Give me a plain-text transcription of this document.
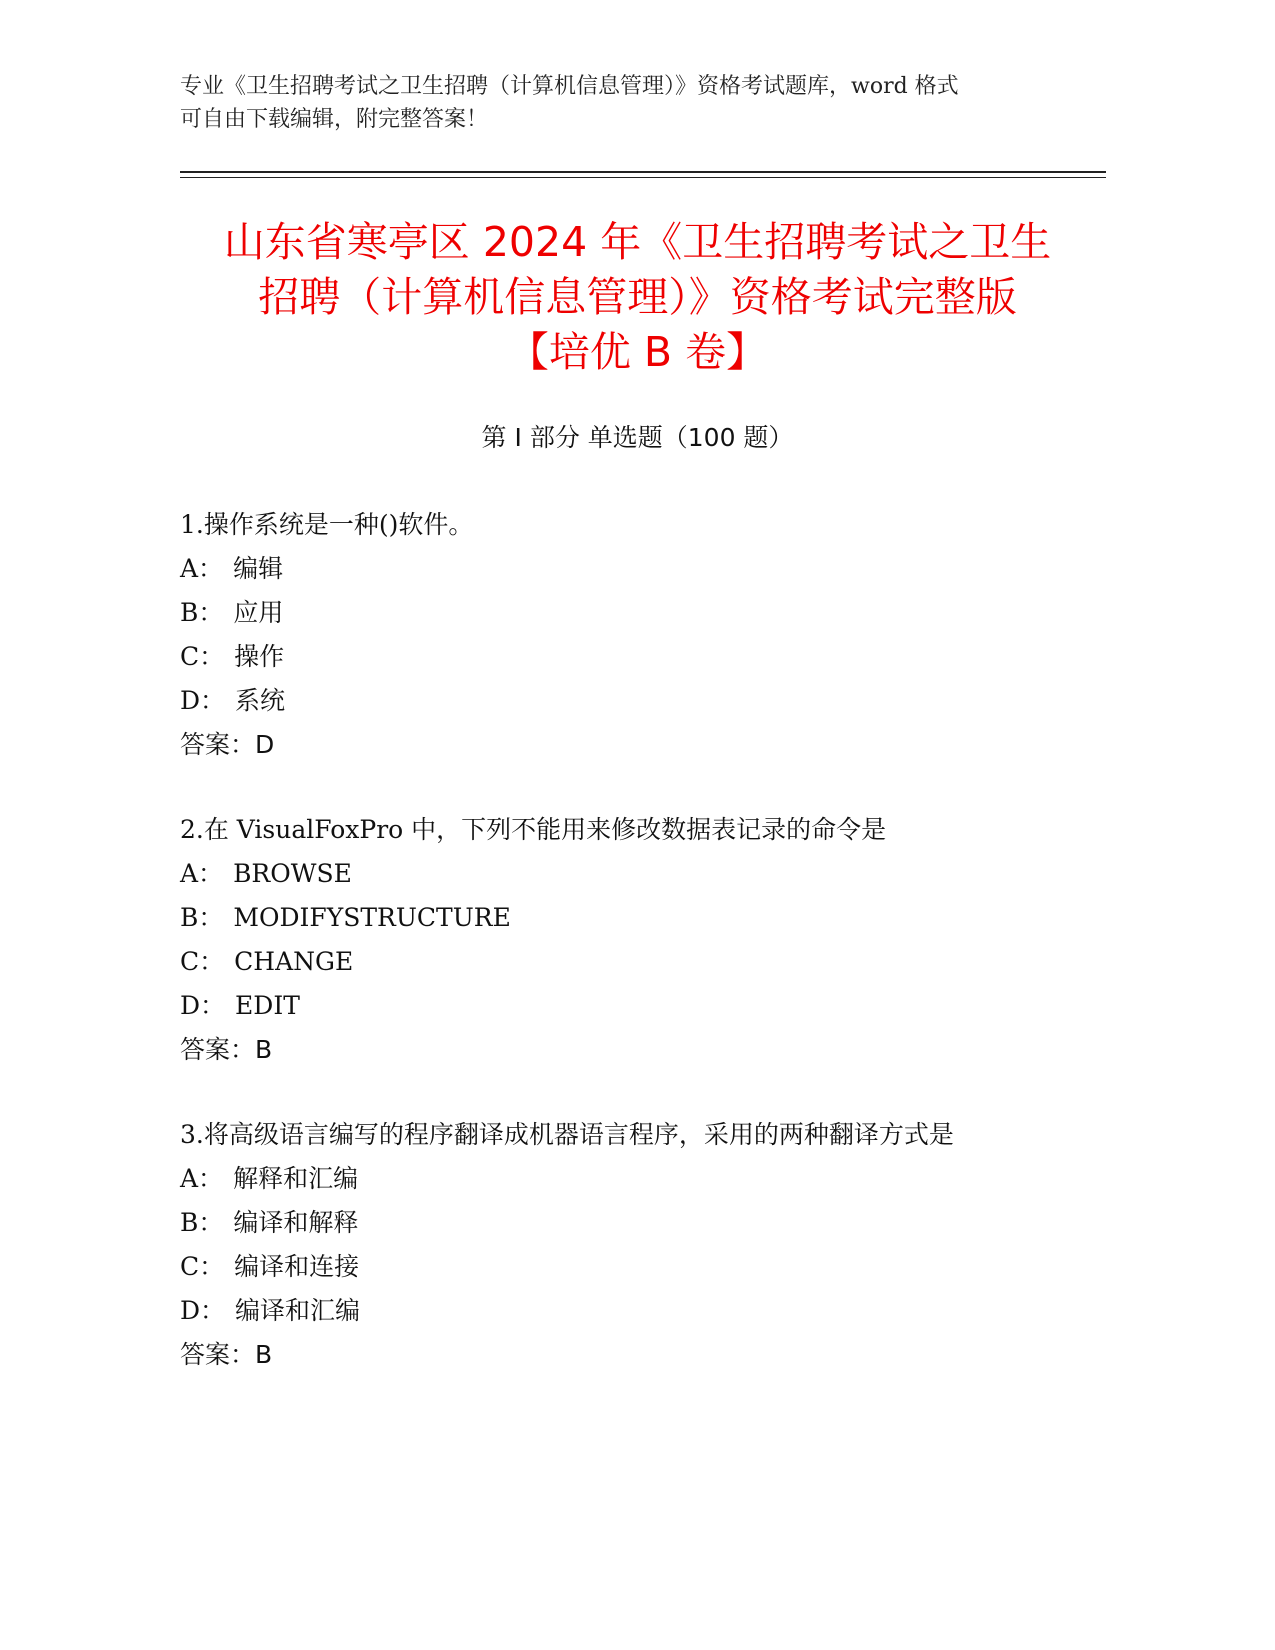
专业《卫生招聘考试之卫生招聘（计算机信息管理）》资格考试题库，word 格式
可自由下载编辑，附完整答案！
山东省寒亭区 2024 年《卫生招聘考试之卫生
招聘（计算机信息管理）》资格考试完整版
【培优 B 卷】
第 I 部分 单选题（100 题）
1.操作系统是一种()软件。
A： 编辑
B： 应用
C： 操作
D： 系统
答案：D
2.在 VisualFoxPro 中，下列不能用来修改数据表记录的命令是
A： BROWSE
B： MODIFYSTRUCTURE
C： CHANGE
D： EDIT
答案：B
3.将高级语言编写的程序翻译成机器语言程序，采用的两种翻译方式是
A： 解释和汇编
B： 编译和解释
C： 编译和连接
D： 编译和汇编
答案：B
